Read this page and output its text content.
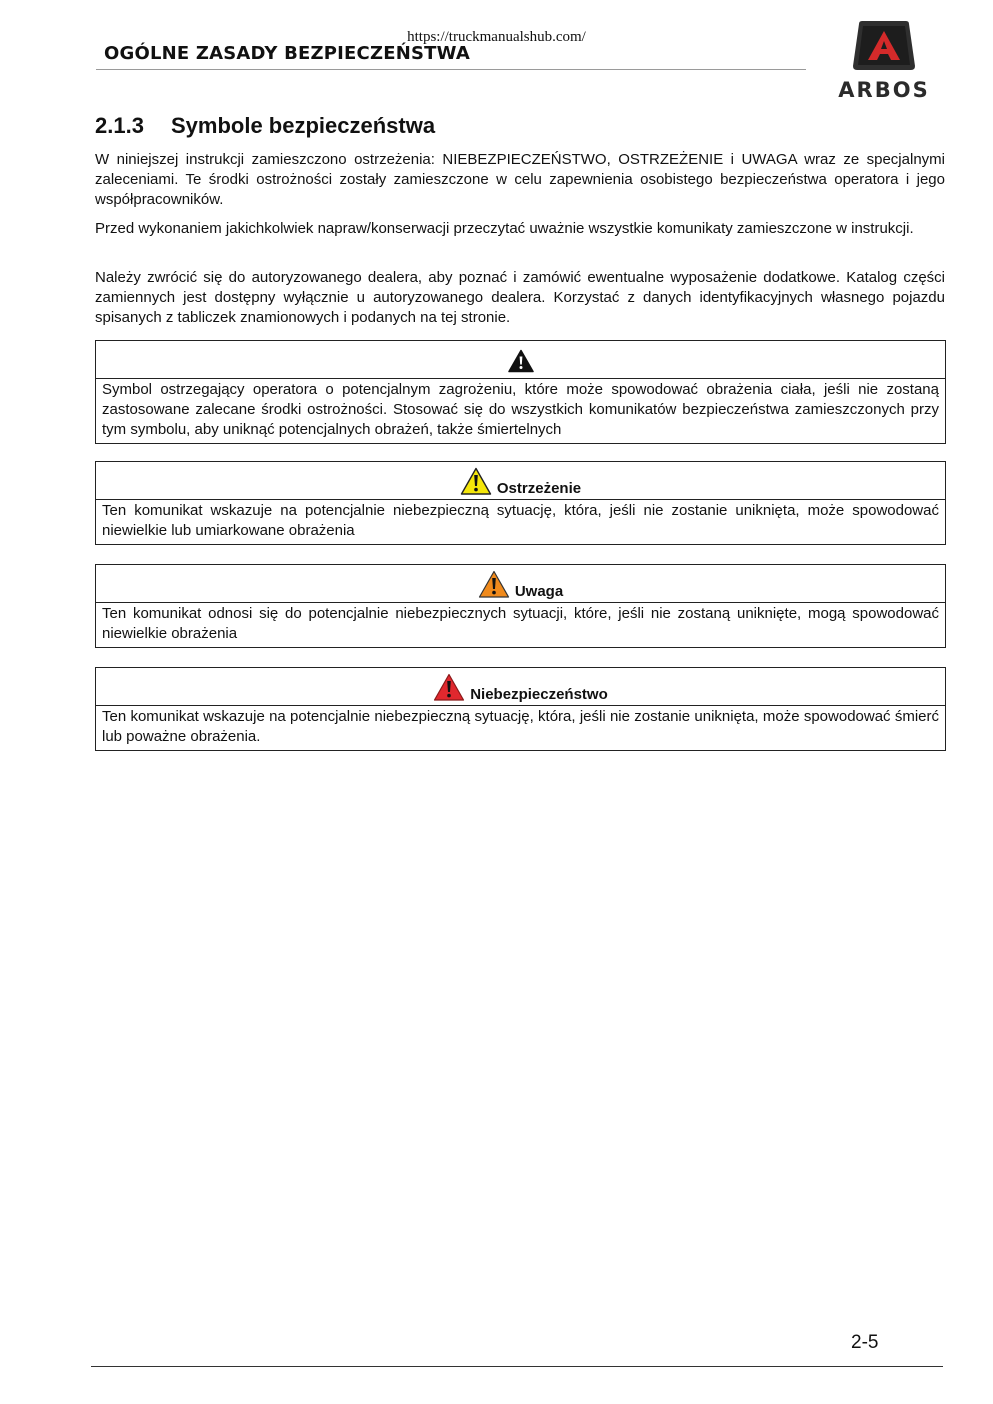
https://truckmanualshub.com/
OGÓLNE ZASADY BEZPIECZEŃSTWA
ARBOS
2.1.3 Symbole bezpieczeństwa
W niniejszej instrukcji zamieszczono ostrzeżenia: NIEBEZPIECZEŃSTWO, OSTRZEŻENIE i UWAGA wraz ze specjalnymi zaleceniami. Te środki ostrożności zostały zamieszczone w celu zapewnienia osobistego bezpieczeństwa operatora i jego współpracowników.
Przed wykonaniem jakichkolwiek napraw/konserwacji przeczytać uważnie wszystkie komunikaty zamieszczone w instrukcji.
Należy zwrócić się do autoryzowanego dealera, aby poznać i zamówić ewentualne wyposażenie dodatkowe. Katalog części zamiennych jest dostępny wyłącznie u autoryzowanego dealera. Korzystać z danych identyfikacyjnych własnego pojazdu spisanych z tabliczek znamionowych i podanych na tej stronie.
Symbol ostrzegający operatora o potencjalnym zagrożeniu, które może spowodować obrażenia ciała, jeśli nie zostaną zastosowane zalecane środki ostrożności. Stosować się do wszystkich komunikatów bezpieczeństwa zamieszczonych przy tym symbolu, aby uniknąć potencjalnych obrażeń, także śmiertelnych
Ostrzeżenie
Ten komunikat wskazuje na potencjalnie niebezpieczną sytuację, która, jeśli nie zostanie uniknięta, może spowodować niewielkie lub umiarkowane obrażenia
Uwaga
Ten komunikat odnosi się do potencjalnie niebezpiecznych sytuacji, które, jeśli nie zostaną uniknięte, mogą spowodować niewielkie obrażenia
Niebezpieczeństwo
Ten komunikat wskazuje na potencjalnie niebezpieczną sytuację, która, jeśli nie zostanie uniknięta, może spowodować śmierć lub poważne obrażenia.
2-5
